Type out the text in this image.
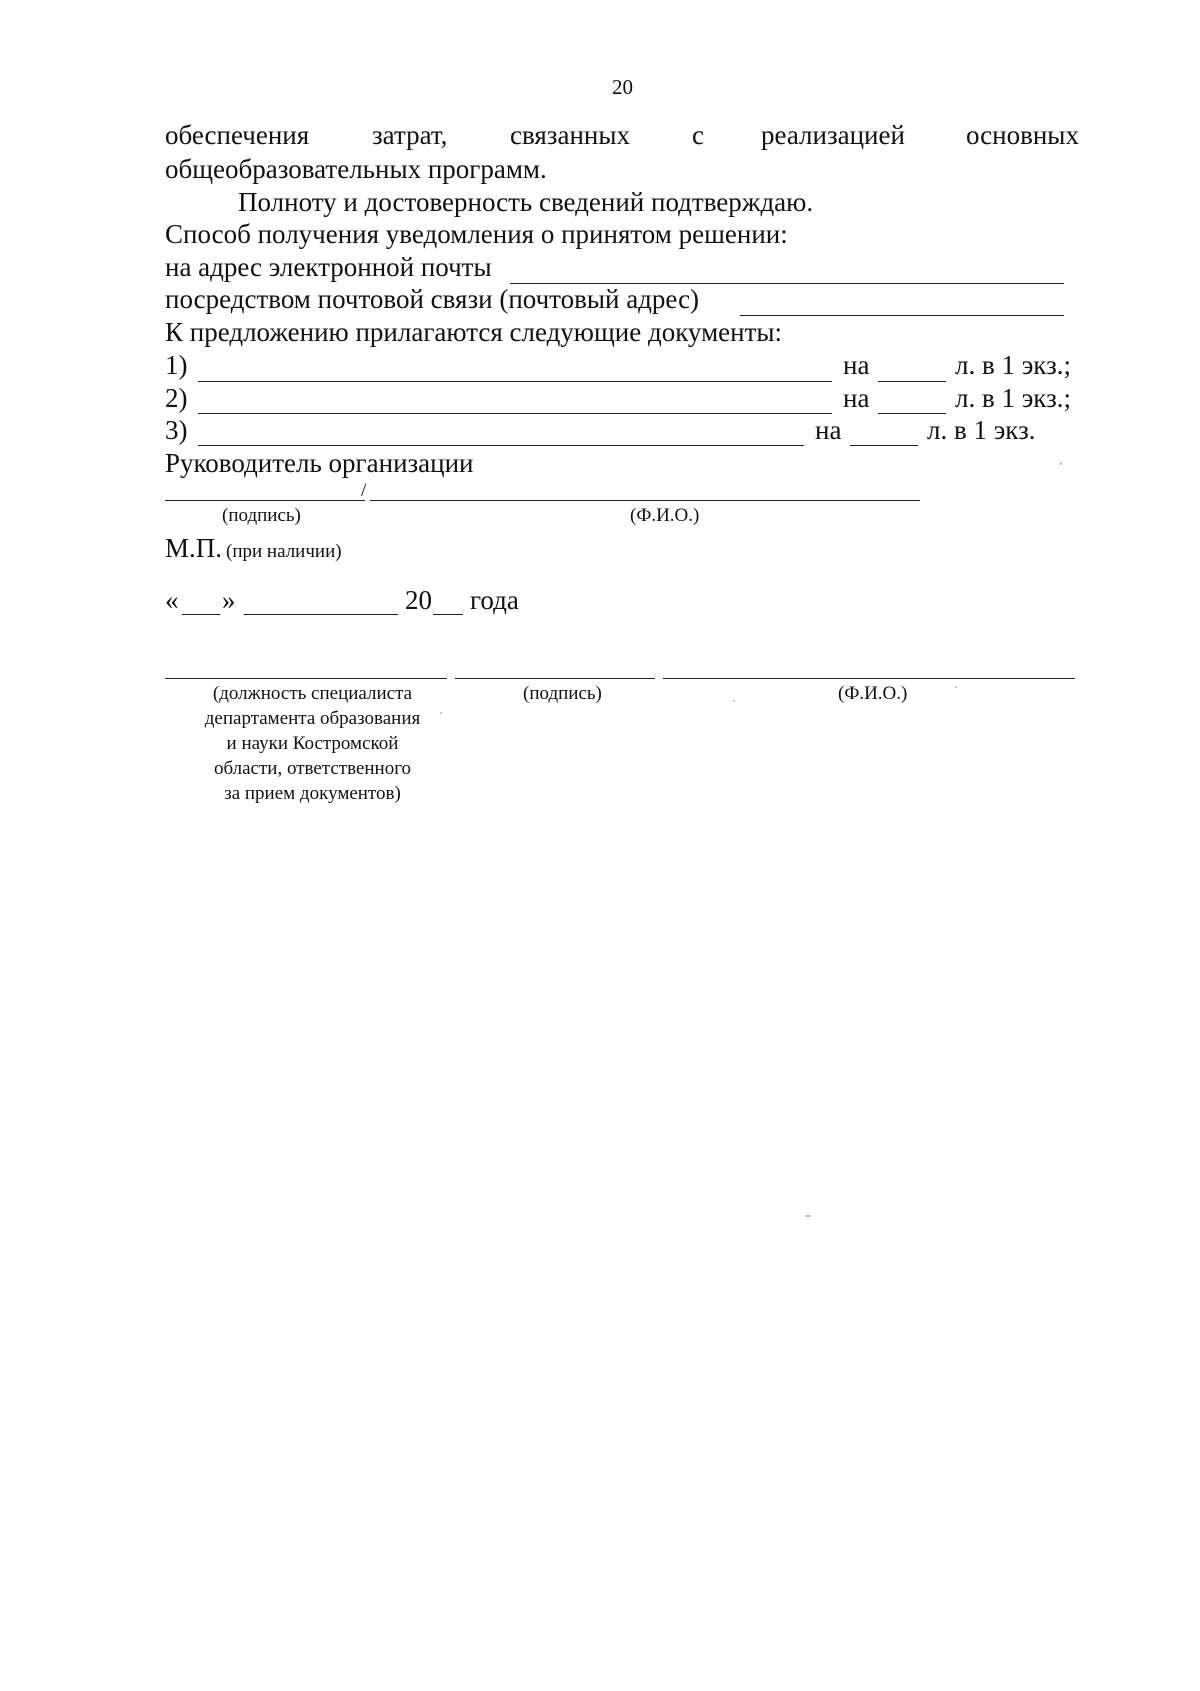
20
обеспечения затрат, связанных с реализацией основных
общеобразовательных программ.
Полноту и достоверность сведений подтверждаю.
Способ получения уведомления о принятом решении:
на адрес электронной почты
посредством почтовой связи (почтовый адрес)
К предложению прилагаются следующие документы:
1)	на	л. в 1 экз.;
2)	на	л. в 1 экз.;
3)	на	л. в 1 экз.
Руководитель организации
/
(подпись)	(Ф.И.О.)
М.П. (при наличии)
« »	20 года
(должность специалиста
департамента образования
и науки Костромской
области, ответственного
за прием документов)
(подпись)	(Ф.И.О.)
